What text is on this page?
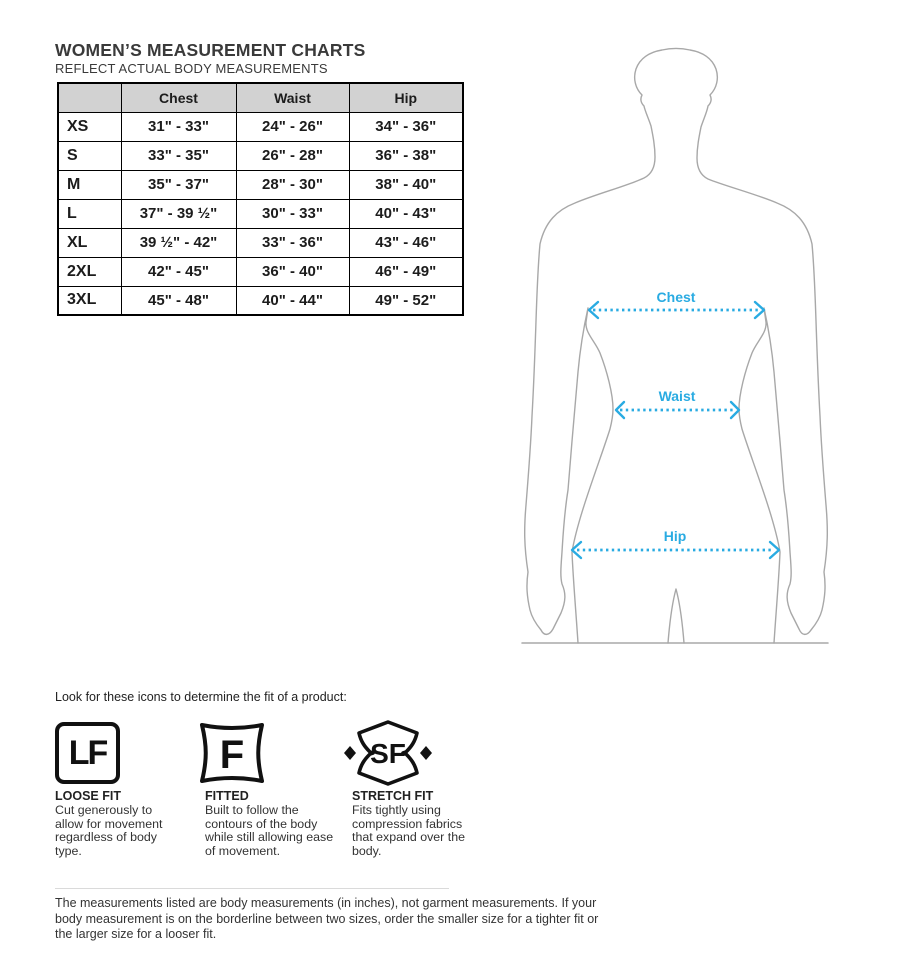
WOMEN’S MEASUREMENT CHARTS
REFLECT ACTUAL BODY MEASUREMENTS
	Chest	Waist	Hip
XS	31" - 33"	24" - 26"	34" - 36"
S	33" - 35"	26" - 28"	36" - 38"
M	35" - 37"	28" - 30"	38" - 40"
L	37" - 39 ½"	30" - 33"	40" - 43"
XL	39 ½" - 42"	33" - 36"	43" - 46"
2XL	42" - 45"	36" - 40"	46" - 49"
3XL	45" - 48"	40" - 44"	49" - 52"	Chest
Waist
Hip
Look for these icons to determine the fit of a product:
LF	F	SF
LOOSE FIT	FITTED	STRETCH FIT
Cut generously to allow for movement regardless of body type.
Built to follow the contours of the body while still allowing ease of movement.
Fits tightly using compression fabrics that expand over the body.
The measurements listed are body measurements (in inches), not garment measurements. If your body measurement is on the borderline between two sizes, order the smaller size for a tighter fit or the larger size for a looser fit.
